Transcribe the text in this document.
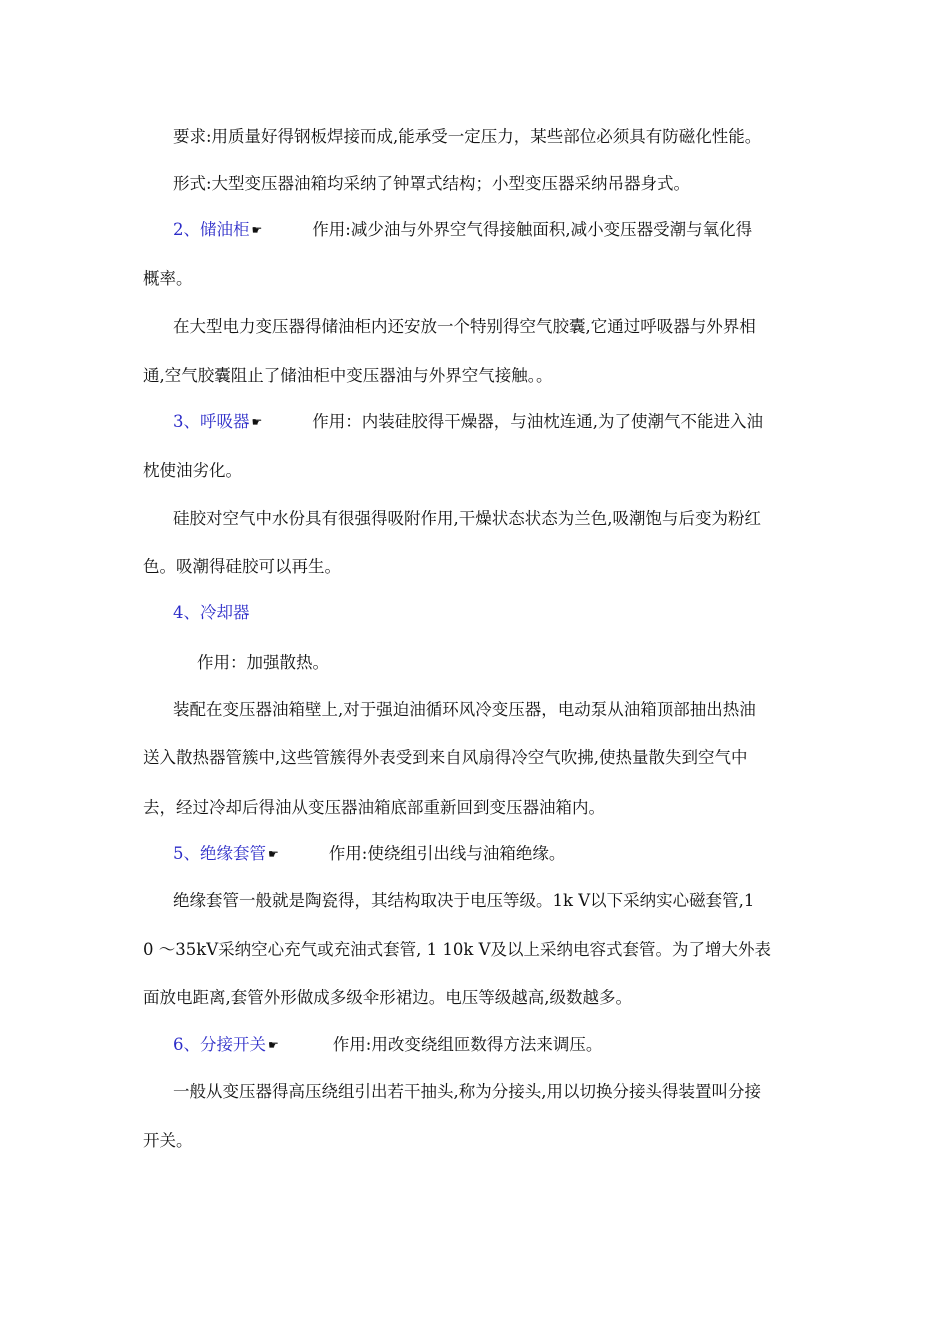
要求:用质量好得钢板焊接而成,能承受一定压力，某些部位必须具有防磁化性能。
形式:大型变压器油箱均采纳了钟罩式结构；小型变压器采纳吊器身式。
2、储油柜 ☛	作用:减少油与外界空气得接触面积,减小变压器受潮与氧化得
概率。
在大型电力变压器得储油柜内还安放一个特别得空气胶囊,它通过呼吸器与外界相
通,空气胶囊阻止了储油柜中变压器油与外界空气接触。。
3、呼吸器 ☛	作用：内装硅胶得干燥器，与油枕连通,为了使潮气不能进入油
枕使油劣化。
硅胶对空气中水份具有很强得吸附作用,干燥状态状态为兰色,吸潮饱与后变为粉红
色。吸潮得硅胶可以再生。
4、冷却器
作用：加强散热。
装配在变压器油箱壁上,对于强迫油循环风冷变压器，电动泵从油箱顶部抽出热油
送入散热器管簇中,这些管簇得外表受到来自风扇得冷空气吹拂,使热量散失到空气中
去，经过冷却后得油从变压器油箱底部重新回到变压器油箱内。
5、绝缘套管 ☛	作用:使绕组引出线与油箱绝缘。
绝缘套管一般就是陶瓷得，其结构取决于电压等级。1k V以下采纳实心磁套管,1
0 ～35kV采纳空心充气或充油式套管, 1 10k V及以上采纳电容式套管。为了增大外表
面放电距离,套管外形做成多级伞形裙边。电压等级越高,级数越多。
6、分接开关 ☛	作用:用改变绕组匝数得方法来调压。
一般从变压器得高压绕组引出若干抽头,称为分接头,用以切换分接头得装置叫分接
开关。
